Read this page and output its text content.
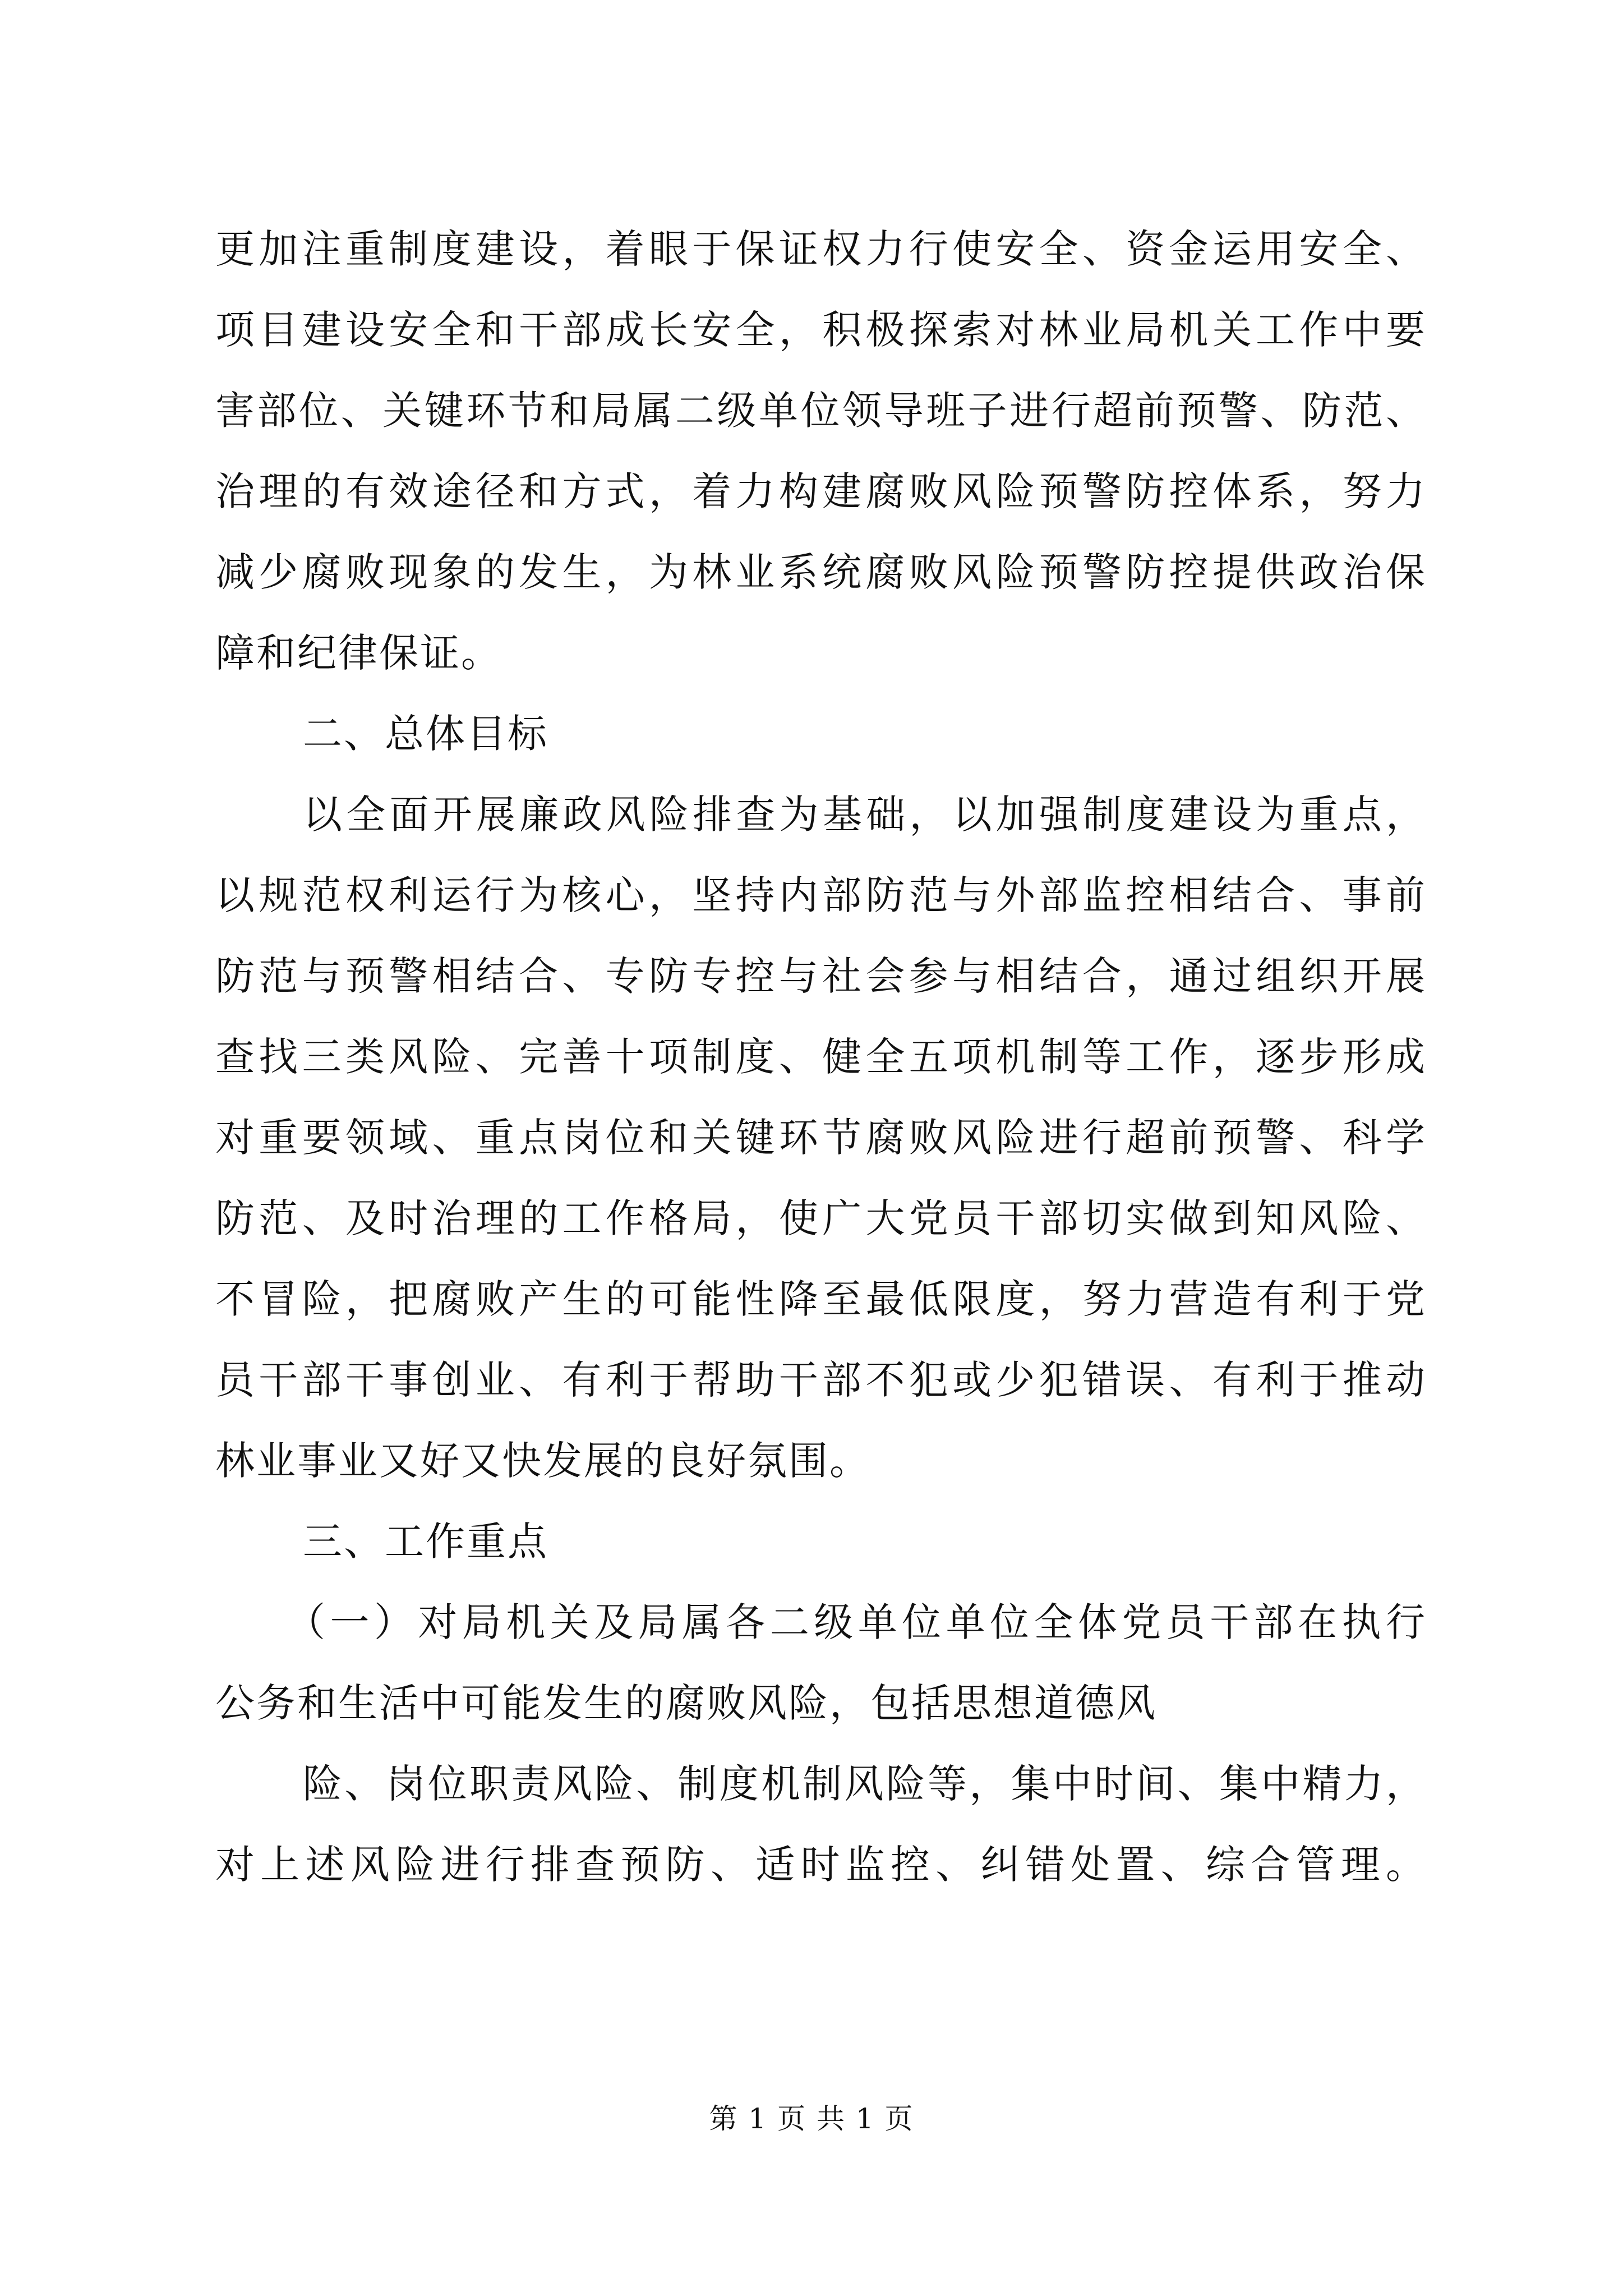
更加注重制度建设，着眼于保证权力行使安全、资金运用安全、
项目建设安全和干部成长安全，积极探索对林业局机关工作中要
害部位、关键环节和局属二级单位领导班子进行超前预警、防范、
治理的有效途径和方式，着力构建腐败风险预警防控体系，努力
减少腐败现象的发生，为林业系统腐败风险预警防控提供政治保
障和纪律保证。
二、总体目标
以全面开展廉政风险排查为基础，以加强制度建设为重点，
以规范权利运行为核心，坚持内部防范与外部监控相结合、事前
防范与预警相结合、专防专控与社会参与相结合，通过组织开展
查找三类风险、完善十项制度、健全五项机制等工作，逐步形成
对重要领域、重点岗位和关键环节腐败风险进行超前预警、科学
防范、及时治理的工作格局，使广大党员干部切实做到知风险、
不冒险，把腐败产生的可能性降至最低限度，努力营造有利于党
员干部干事创业、有利于帮助干部不犯或少犯错误、有利于推动
林业事业又好又快发展的良好氛围。
三、工作重点
（一）对局机关及局属各二级单位单位全体党员干部在执行
公务和生活中可能发生的腐败风险，包括思想道德风
险、岗位职责风险、制度机制风险等，集中时间、集中精力，
对上述风险进行排查预防、适时监控、纠错处置、综合管理。
第 1 页 共 1 页
